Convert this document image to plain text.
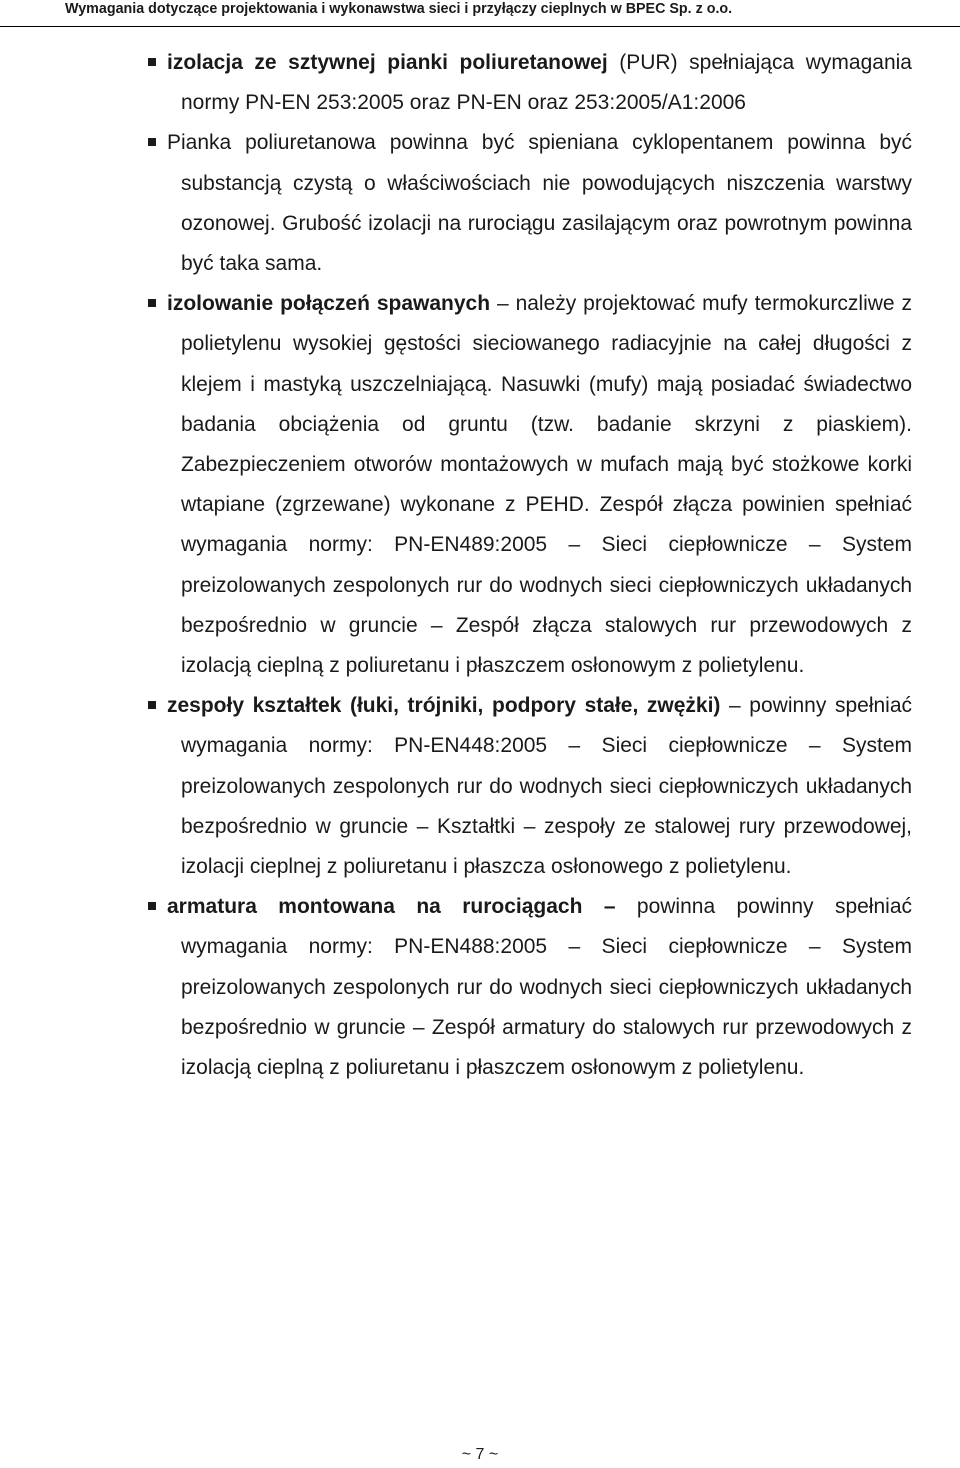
Wymagania dotyczące projektowania i wykonawstwa sieci i przyłączy cieplnych w BPEC Sp. z o.o.
izolacja ze sztywnej pianki poliuretanowej (PUR) spełniająca wymagania normy PN-EN 253:2005 oraz PN-EN oraz 253:2005/A1:2006
Pianka poliuretanowa powinna być spieniana cyklopentanem powinna być substancją czystą o właściwościach nie powodujących niszczenia warstwy ozonowej. Grubość izolacji na rurociągu zasilającym oraz powrotnym powinna być taka sama.
izolowanie połączeń spawanych – należy projektować mufy termokurczliwe z polietylenu wysokiej gęstości sieciowanego radiacyjnie na całej długości z klejem i mastyką uszczelniającą. Nasuwki (mufy) mają posiadać świadectwo badania obciążenia od gruntu (tzw. badanie skrzyni z piaskiem). Zabezpieczeniem otworów montażowych w mufach mają być stożkowe korki wtapiane (zgrzewane) wykonane z PEHD. Zespół złącza powinien spełniać wymagania normy: PN-EN489:2005 – Sieci ciepłownicze – System preizolowanych zespolonych rur do wodnych sieci ciepłowniczych układanych bezpośrednio w gruncie – Zespół złącza stalowych rur przewodowych z izolacją cieplną z poliuretanu i płaszczem osłonowym z polietylenu.
zespoły kształtek (łuki, trójniki, podpory stałe, zwężki) – powinny spełniać wymagania normy: PN-EN448:2005 – Sieci ciepłownicze – System preizolowanych zespolonych rur do wodnych sieci ciepłowniczych układanych bezpośrednio w gruncie – Kształtki – zespoły ze stalowej rury przewodowej, izolacji cieplnej z poliuretanu i płaszcza osłonowego z polietylenu.
armatura montowana na rurociągach – powinna powinny spełniać wymagania normy: PN-EN488:2005 – Sieci ciepłownicze – System preizolowanych zespolonych rur do wodnych sieci ciepłowniczych układanych bezpośrednio w gruncie – Zespół armatury do stalowych rur przewodowych z izolacją cieplną z poliuretanu i płaszczem osłonowym z polietylenu.
~ 7 ~
